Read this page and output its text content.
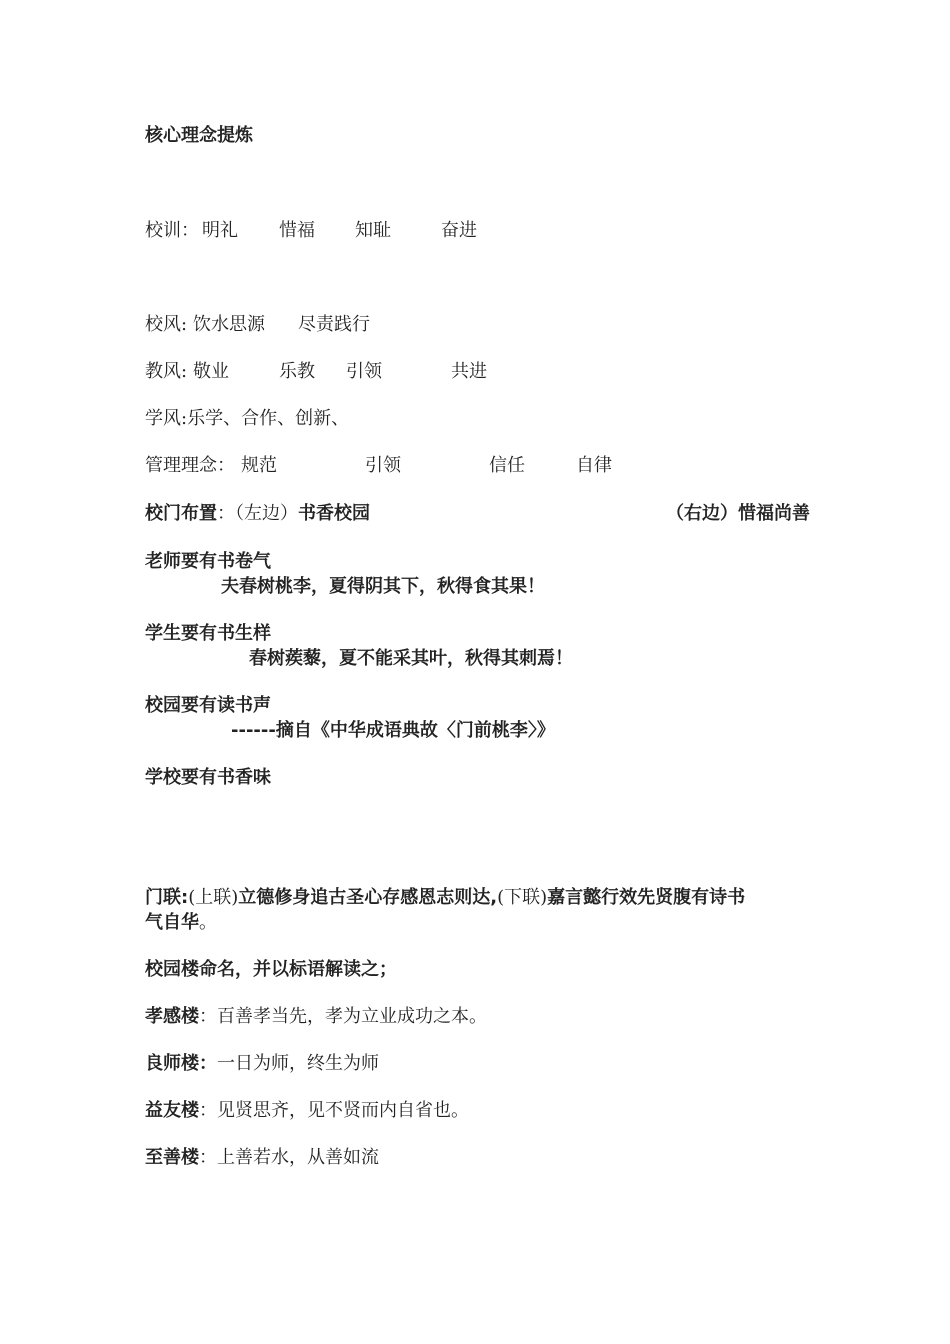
核心理念提炼
校训： 明礼 惜福 知耻	奋进
校风: 饮水思源 尽责践行
教风: 敬业	乐教 引领	共进
学风:乐学、合作、创新、
管理理念： 规范	引领	信任	自律
校门布置：（左边）书香校园	（右边）惜福尚善
老师要有书卷气
夫春树桃李，夏得阴其下，秋得食其果！
学生要有书生样
春树蒺藜，夏不能采其叶，秋得其刺焉！
校园要有读书声
------摘自《中华成语典故〈门前桃李〉》
学校要有书香味
门联:(上联)立德修身追古圣心存感恩志则达,(下联)嘉言懿行效先贤腹有诗书
气自华。
校园楼命名，并以标语解读之；
孝感楼：百善孝当先，孝为立业成功之本。
良师楼：一日为师，终生为师
益友楼：见贤思齐，见不贤而内自省也。
至善楼：上善若水，从善如流
